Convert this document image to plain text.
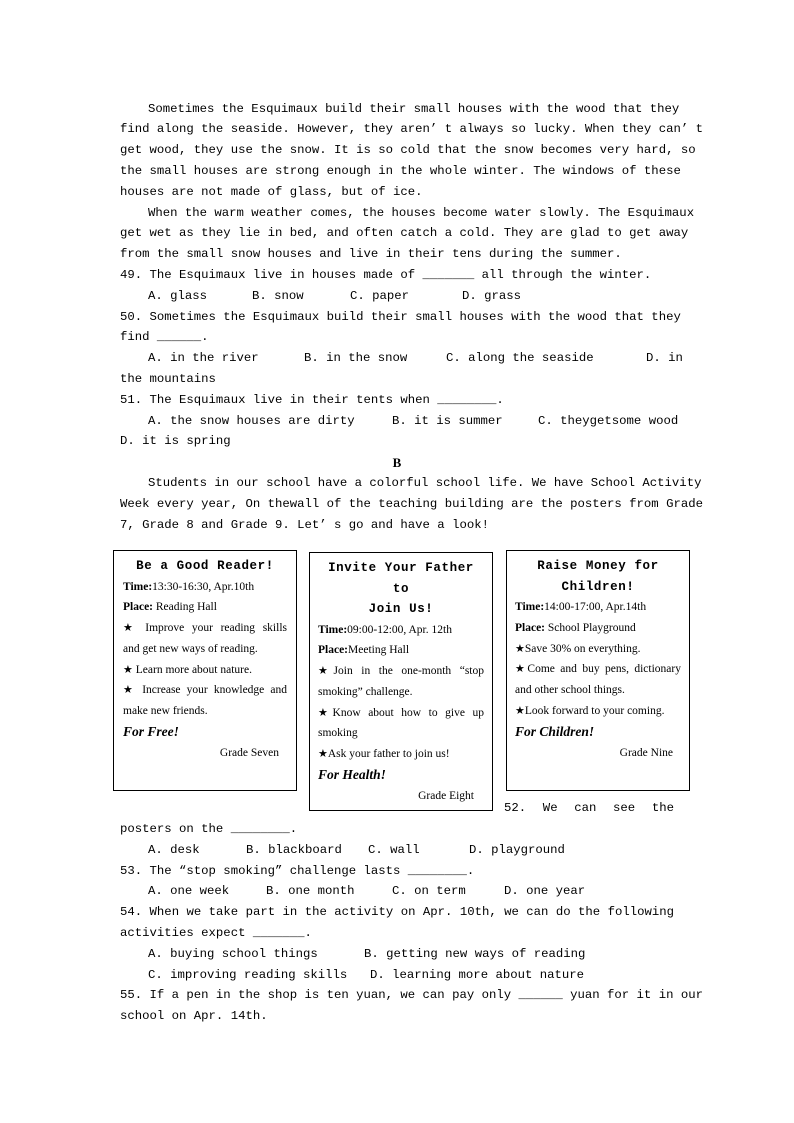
Sometimes the Esquimaux build their small houses with the wood that they
find along the seaside. However, they aren’ t always so lucky. When they can’ t
get wood, they use the snow. It is so cold that the snow becomes very hard, so
the small houses are strong enough in the whole winter. The windows of these
houses are not made of glass, but of ice.
When the warm weather comes, the houses become water slowly. The Esquimaux
get wet as they lie in bed, and often catch a cold. They are glad to get away
from the small snow houses and live in their tens during the summer.
49. The Esquimaux live in houses made of _______ all through the winter.
A. glass	B. snow	C. paper	D. grass
50. Sometimes the Esquimaux build their small houses with the wood that they
find ______.
A. in the river	B. in the snow	C. along the seaside	D. in
the mountains
51. The Esquimaux live in their tents when ________.
A. the snow houses are dirty	B. it is summer	C. theygetsome wood
D. it is spring
B
Students in our school have a colorful school life. We have School Activity
Week every year, On thewall of the teaching building are the posters from Grade
7, Grade 8 and Grade 9. Let’ s go and have a look!
Be a Good Reader!
Time:13:30-16:30, Apr.10th
Place: Reading Hall
★ Improve your reading skills
and get new ways of reading.
★ Learn more about nature.
★ Increase your knowledge and
make new friends.
For Free!
Grade Seven
Invite Your Father
to
Join Us!
Time:09:00-12:00, Apr. 12th
Place:Meeting Hall
★Join in the one-month “stop
smoking” challenge.
★Know about how to give up
smoking
★Ask your father to join us!
For Health!
Grade Eight
Raise Money for
Children!
Time:14:00-17:00, Apr.14th
Place: School Playground
★Save 30% on everything.
★Come and buy pens, dictionary
and other school things.
★Look forward to your coming.
For Children!
Grade Nine
52. We can see the
posters on the ________.
A. desk	B. blackboard C. wall	D. playground
53. The “stop smoking” challenge lasts ________.
A. one week	B. one month	C. on term	D. one year
54. When we take part in the activity on Apr. 10th, we can do the following
activities expect _______.
A. buying school things	B. getting new ways of reading
C. improving reading skills D. learning more about nature
55. If a pen in the shop is ten yuan, we can pay only ______ yuan for it in our
school on Apr. 14th.
